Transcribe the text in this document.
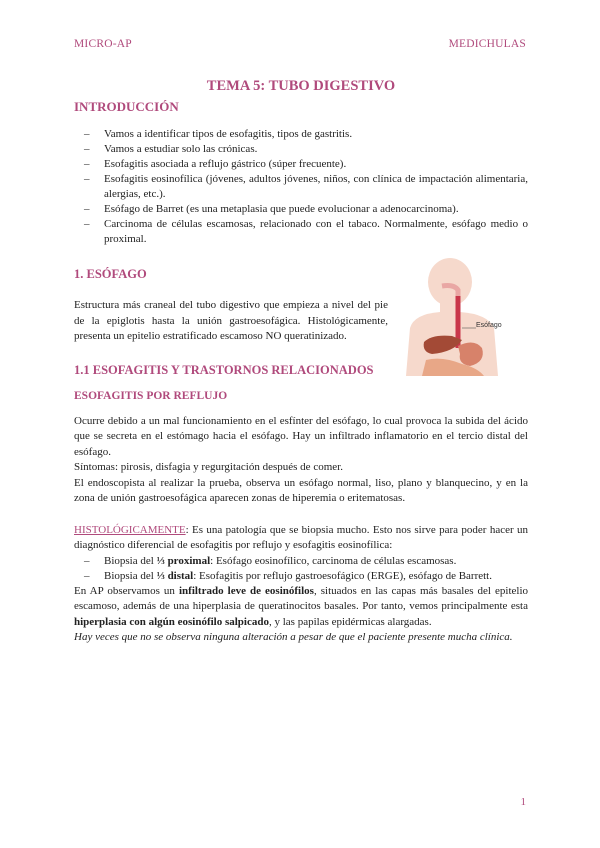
MICRO-AP	MEDICHULAS
TEMA 5: TUBO DIGESTIVO
INTRODUCCIÓN
– Vamos a identificar tipos de esofagitis, tipos de gastritis.
– Vamos a estudiar solo las crónicas.
– Esofagitis asociada a reflujo gástrico (súper frecuente).
– Esofagitis eosinofílica (jóvenes, adultos jóvenes, niños, con clínica de impactación alimentaria, alergias, etc.).
– Esófago de Barret (es una metaplasia que puede evolucionar a adenocarcinoma).
– Carcinoma de células escamosas, relacionado con el tabaco. Normalmente, esófago medio o proximal.
1. ESÓFAGO

Estructura más craneal del tubo digestivo que empieza a nivel del pie de la epiglotis hasta la unión gastroesofágica. Histológicamente, presenta un epitelio estratificado escamoso NO queratinizado.

1.1 ESOFAGITIS Y TRASTORNOS RELACIONADOS
ESOFAGITIS POR REFLUJO

Ocurre debido a un mal funcionamiento en el esfínter del esófago, lo cual provoca la subida del ácido que se secreta en el estómago hacia el esófago. Hay un infiltrado inflamatorio en el tercio distal del esófago.

Síntomas: pirosis, disfagia y regurgitación después de comer.

El endoscopista al realizar la prueba, observa un esófago normal, liso, plano y blanquecino, y en la zona de unión gastroesofágica aparecen zonas de hiperemia o eritematosas.

HISTOLÓGICAMENTE: Es una patología que se biopsia mucho. Esto nos sirve para poder hacer un diagnóstico diferencial de esofagitis por reflujo y esofagitis eosinofílica:

– Biopsia del ⅓ proximal: Esófago eosinofílico, carcinoma de células escamosas.
– Biopsia del ⅓ distal: Esofagitis por reflujo gastroesofágico (ERGE), esófago de Barrett.

En AP observamos un infiltrado leve de eosinófilos, situados en las capas más basales del epitelio escamoso, además de una hiperplasia de queratinocitos basales. Por tanto, vemos principalmente esta hiperplasia con algún eosinófilo salpicado, y las papilas epidérmicas alargadas.

Hay veces que no se observa ninguna alteración a pesar de que el paciente presente mucha clínica.

Esófago
1
